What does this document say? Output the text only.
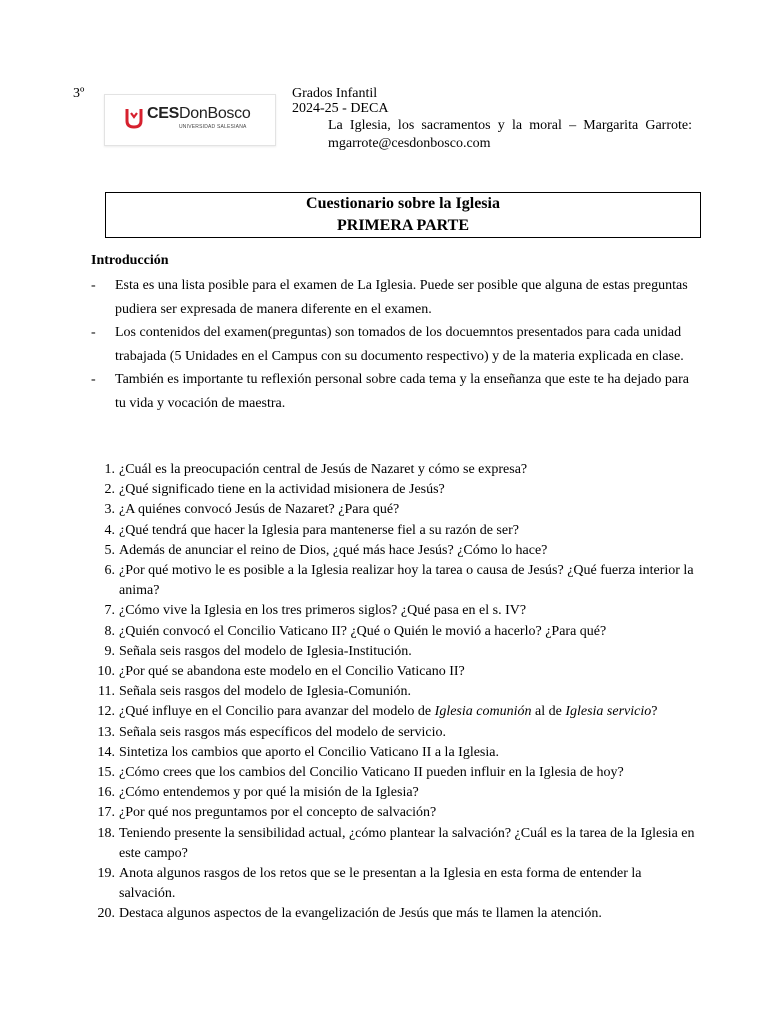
3º
CESDonBosco
UNIVERSIDAD SALESIANA
Grados Infantil
2024-25 - DECA
La Iglesia, los sacramentos y la moral – Margarita Garrote:
mgarrote@cesdonbosco.com
Cuestionario sobre la Iglesia
PRIMERA PARTE
Introducción
- Esta es una lista posible para el examen de La Iglesia. Puede ser posible que alguna de estas preguntas pudiera ser expresada de manera diferente en el examen.
- Los contenidos del examen(preguntas) son tomados de los docuemntos presentados para cada unidad trabajada (5 Unidades en el Campus con su documento respectivo) y de la materia explicada en clase.
- También es importante tu reflexión personal sobre cada tema y la enseñanza que este te ha dejado para tu vida y vocación de maestra.
1. ¿Cuál es la preocupación central de Jesús de Nazaret y cómo se expresa?
2. ¿Qué significado tiene en la actividad misionera de Jesús?
3. ¿A quiénes convocó Jesús de Nazaret? ¿Para qué?
4. ¿Qué tendrá que hacer la Iglesia para mantenerse fiel a su razón de ser?
5. Además de anunciar el reino de Dios, ¿qué más hace Jesús? ¿Cómo lo hace?
6. ¿Por qué motivo le es posible a la Iglesia realizar hoy la tarea o causa de Jesús? ¿Qué fuerza interior la anima?
7. ¿Cómo vive la Iglesia en los tres primeros siglos? ¿Qué pasa en el s. IV?
8. ¿Quién convocó el Concilio Vaticano II? ¿Qué o Quién le movió a hacerlo? ¿Para qué?
9. Señala seis rasgos del modelo de Iglesia-Institución.
10. ¿Por qué se abandona este modelo en el Concilio Vaticano II?
11. Señala seis rasgos del modelo de Iglesia-Comunión.
12. ¿Qué influye en el Concilio para avanzar del modelo de Iglesia comunión al de Iglesia servicio?
13. Señala seis rasgos más específicos del modelo de servicio.
14. Sintetiza los cambios que aporto el Concilio Vaticano II a la Iglesia.
15. ¿Cómo crees que los cambios del Concilio Vaticano II pueden influir en la Iglesia de hoy?
16. ¿Cómo entendemos y por qué la misión de la Iglesia?
17. ¿Por qué nos preguntamos por el concepto de salvación?
18. Teniendo presente la sensibilidad actual, ¿cómo plantear la salvación? ¿Cuál es la tarea de la Iglesia en este campo?
19. Anota algunos rasgos de los retos que se le presentan a la Iglesia en esta forma de entender la salvación.
20. Destaca algunos aspectos de la evangelización de Jesús que más te llamen la atención.
